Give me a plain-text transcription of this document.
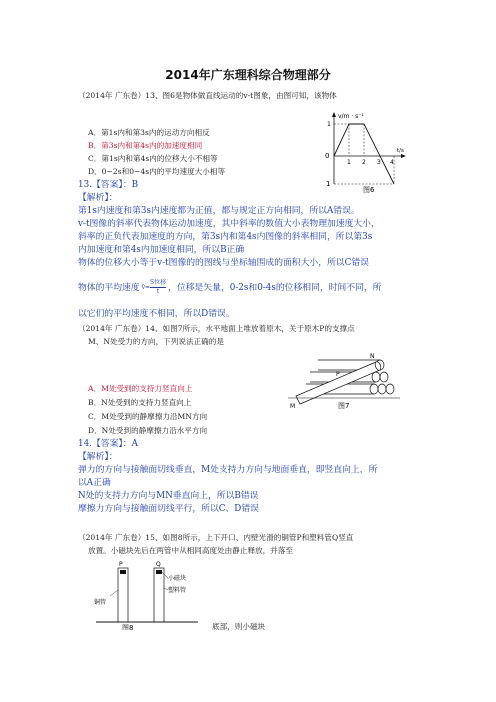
2014年广东理科综合物理部分
（2014年 广东卷）13、图6是物体做直线运动的v-t图象，由图可知，该物体
A．第1s内和第3s内的运动方向相反
B．第3s内和第4s内的加速度相同
C．第1s内和第4s内的位移大小不相等
D．0~2s和0~4s内的平均速度大小相等
v/m · s⁻¹
t/s
0
1
1
1 2 3 4
图6
13.【答案】：B
【解析】：
第1s内速度和第3s内速度都为正值，都与规定正方向相同，所以A错误。
v-t图像的斜率代表物体运动加速度，其中斜率的数值大小表物理加速度大小，
斜率的正负代表加速度的方向，第3s内和第4s内图像的斜率相同，所以第3s
内加速度和第4s内加速度相同，所以B正确
物体的位移大小等于v-t图像的的图线与坐标轴围成的面积大小，所以C错误
物体的平均速度 v̄=
S位移
t	，位移是矢量，0-2s和0-4s的位移相同，时间不同，所
以它们的平均速度不相同，所以D错误。
（2014年 广东卷）14、如图7所示，水平地面上堆放着原木，关于原木P的支撑点
M、N处受力的方向，下列说法正确的是
A．M处受到的支持力竖直向上
B．N处受到的支持力竖直向上
C．M处受到的静摩擦力沿MN方向
D．N处受到的静摩擦力沿水平方向
N
P
M	图7
14.【答案】：A
【解析】：
弹力的方向与接触面切线垂直，M处支持力方向与地面垂直，即竖直向上，所
以A正确
N处的支持力方向与MN垂直向上，所以B错误
摩擦力方向与接触面切线平行，所以C、D错误
（2014年 广东卷）15、如图8所示，上下开口、内壁光滑的铜管P和塑料管Q竖直
放置。小磁块先后在两管中从相同高度处由静止释放，并落至
P	Q
小磁块
塑料管
铜管
图8	底部，则小磁块
